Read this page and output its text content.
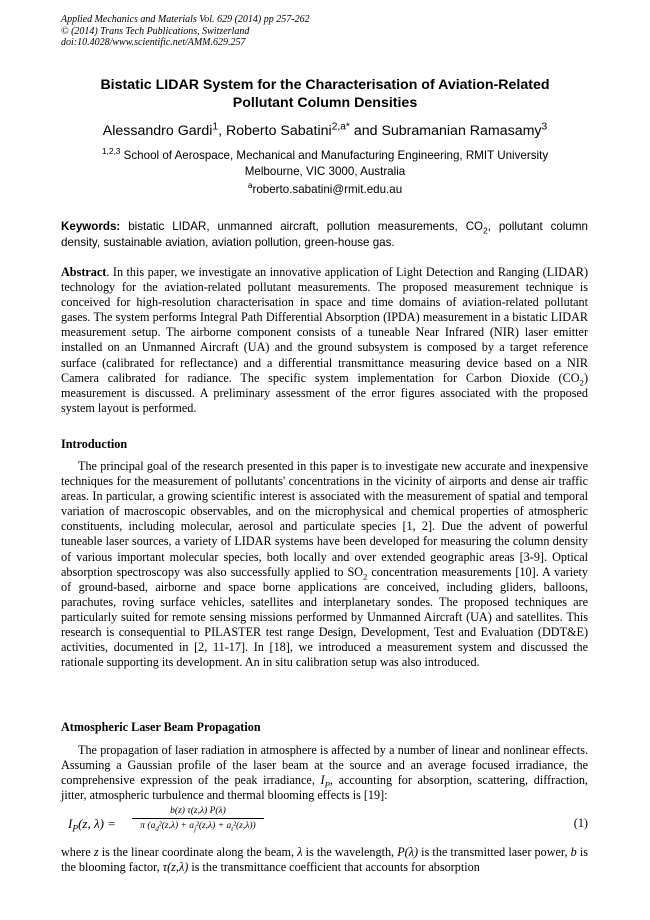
Applied Mechanics and Materials Vol. 629 (2014) pp 257-262
© (2014) Trans Tech Publications, Switzerland
doi:10.4028/www.scientific.net/AMM.629.257
Bistatic LIDAR System for the Characterisation of Aviation-Related
Pollutant Column Densities
Alessandro Gardi$^1$, Roberto Sabatini$^{2,a*}$ and Subramanian Ramasamy$^3$
$^{1,2,3}$ School of Aerospace, Mechanical and Manufacturing Engineering, RMIT University
Melbourne, VIC 3000, Australia
$^a$roberto.sabatini@rmit.edu.au
Keywords: bistatic LIDAR, unmanned aircraft, pollution measurements, $CO_2$, pollutant column density, sustainable aviation, aviation pollution, green-house gas.
Abstract. In this paper, we investigate an innovative application of Light Detection and Ranging (LIDAR) technology for the aviation-related pollutant measurements. The proposed measurement technique is conceived for high-resolution characterisation in space and time domains of aviation-related pollutant gases. The system performs Integral Path Differential Absorption (IPDA) measurement in a bistatic LIDAR measurement setup. The airborne component consists of a tuneable Near Infrared (NIR) laser emitter installed on an Unmanned Aircraft (UA) and the ground subsystem is composed by a target reference surface (calibrated for reflectance) and a differential transmittance measuring device based on a NIR Camera calibrated for radiance. The specific system implementation for Carbon Dioxide $(CO_2)$ measurement is discussed. A preliminary assessment of the error figures associated with the proposed system layout is performed.
Introduction
The principal goal of the research presented in this paper is to investigate new accurate and inexpensive techniques for the measurement of pollutants' concentrations in the vicinity of airports and dense air traffic areas. In particular, a growing scientific interest is associated with the measurement of spatial and temporal variation of macroscopic observables, and on the microphysical and chemical properties of atmospheric constituents, including molecular, aerosol and particulate species [1, 2]. Due the advent of powerful tuneable laser sources, a variety of LIDAR systems have been developed for measuring the column density of various important molecular species, both locally and over extended geographic areas [3-9]. Optical absorption spectroscopy was also successfully applied to $SO_2$ concentration measurements [10]. A variety of ground-based, airborne and space borne applications are conceived, including gliders, balloons, parachutes, roving surface vehicles, satellites and interplanetary sondes. The proposed techniques are particularly suited for remote sensing missions performed by Unmanned Aircraft (UA) and satellites. This research is consequential to PILASTER test range Design, Development, Test and Evaluation (DDT&E) activities, documented in [2, 11-17]. In [18], we introduced a measurement system and discussed the rationale supporting its development. An in situ calibration setup was also introduced.
Atmospheric Laser Beam Propagation
The propagation of laser radiation in atmosphere is affected by a number of linear and nonlinear effects. Assuming a Gaussian profile of the laser beam at the source and an average focused irradiance, the comprehensive expression of the peak irradiance, $I_P$, accounting for absorption, scattering, diffraction, jitter, atmospheric turbulence and thermal blooming effects is [19]:
$I_P(z$, $\lambda) = \frac{b(z) \tau(z,\lambda) P(\lambda)}{\pi (a_d^2(z,\lambda) + a_j^2(z,\lambda) + a_t^2(z,\lambda))}$	(1)
where z is the linear coordinate along the beam, λ is the wavelength, P(λ) is the transmitted laser power, b is the blooming factor, τ(z,λ) is the transmittance coefficient that accounts for absorption
